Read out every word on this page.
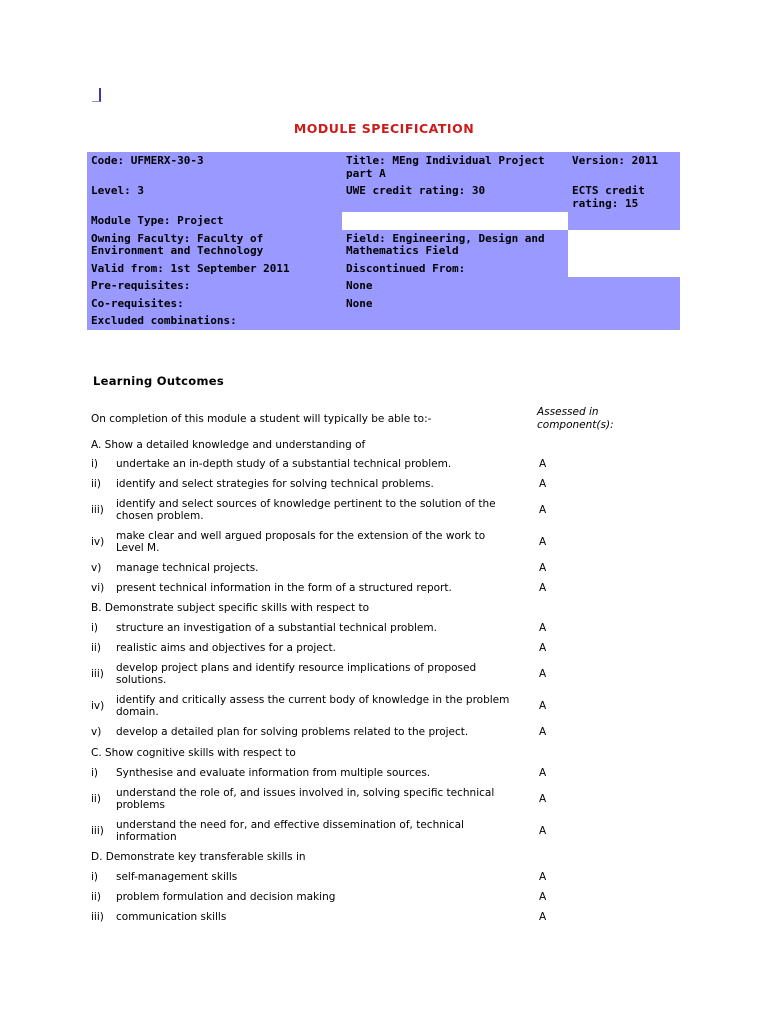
MODULE SPECIFICATION
Code: UFMERX-30-3	Title: MEng Individual Project part A	Version: 2011
Level: 3	UWE credit rating: 30	ECTS credit rating: 15
Module Type: Project		
Owning Faculty: Faculty of Environment and Technology	Field: Engineering, Design and Mathematics Field	
Valid from: 1st September 2011	Discontinued From:	
Pre-requisites:	None	
Co-requisites:	None	
Excluded combinations:		
Learning Outcomes
On completion of this module a student will typically be able to:-
Assessed in component(s):
A. Show a detailed knowledge and understanding of
i) undertake an in-depth study of a substantial technical problem.	A
ii) identify and select strategies for solving technical problems.	A
iii) identify and select sources of knowledge pertinent to the solution of the chosen problem.	A
iv) make clear and well argued proposals for the extension of the work to Level M.	A
v) manage technical projects.	A
vi) present technical information in the form of a structured report.	A
B. Demonstrate subject specific skills with respect to
i) structure an investigation of a substantial technical problem.	A
ii) realistic aims and objectives for a project.	A
iii) develop project plans and identify resource implications of proposed solutions.	A
iv) identify and critically assess the current body of knowledge in the problem domain.	A
v) develop a detailed plan for solving problems related to the project.	A
C. Show cognitive skills with respect to
i) Synthesise and evaluate information from multiple sources.	A
ii) understand the role of, and issues involved in, solving specific technical problems	A
iii) understand the need for, and effective dissemination of, technical information	A
D. Demonstrate key transferable skills in
i) self-management skills	A
ii) problem formulation and decision making	A
iii) communication skills	A
